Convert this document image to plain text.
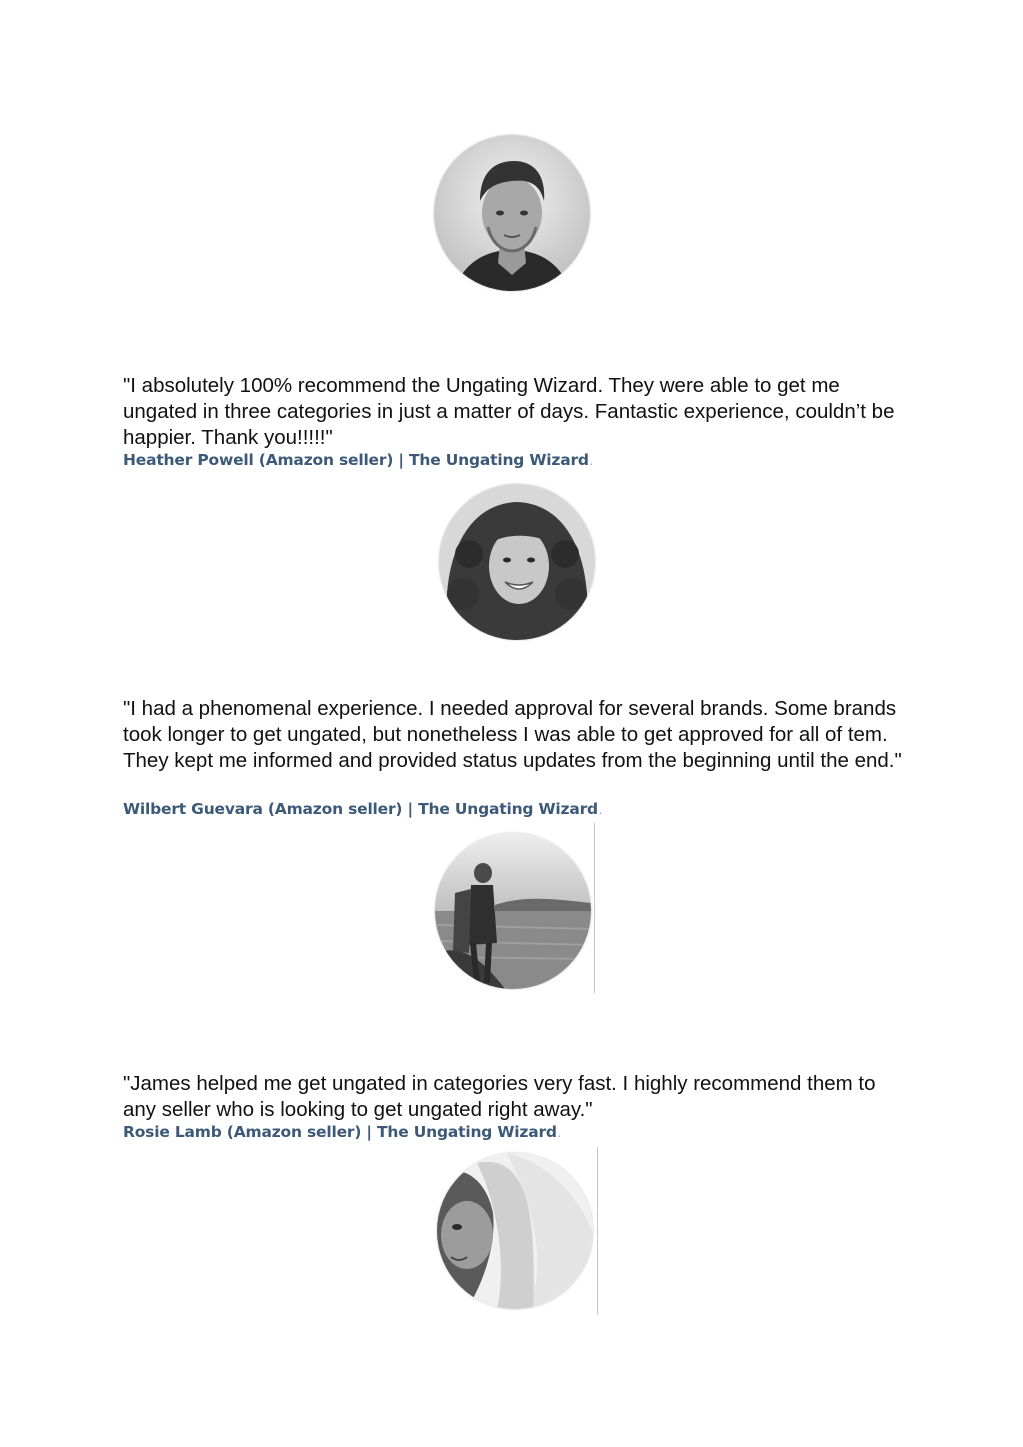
"I absolutely 100% recommend the Ungating Wizard. They were able to get me ungated in three categories in just a matter of days. Fantastic experience, couldn’t be happier. Thank you!!!!!"

Heather Powell (Amazon seller) | The Ungating Wizard.

"I had a phenomenal experience. I needed approval for several brands. Some brands took longer to get ungated, but nonetheless I was able to get approved for all of tem. They kept me informed and provided status updates from the beginning until the end."

Wilbert Guevara (Amazon seller) | The Ungating Wizard.

"James helped me get ungated in categories very fast. I highly recommend them to any seller who is looking to get ungated right away."

Rosie Lamb (Amazon seller) | The Ungating Wizard.
